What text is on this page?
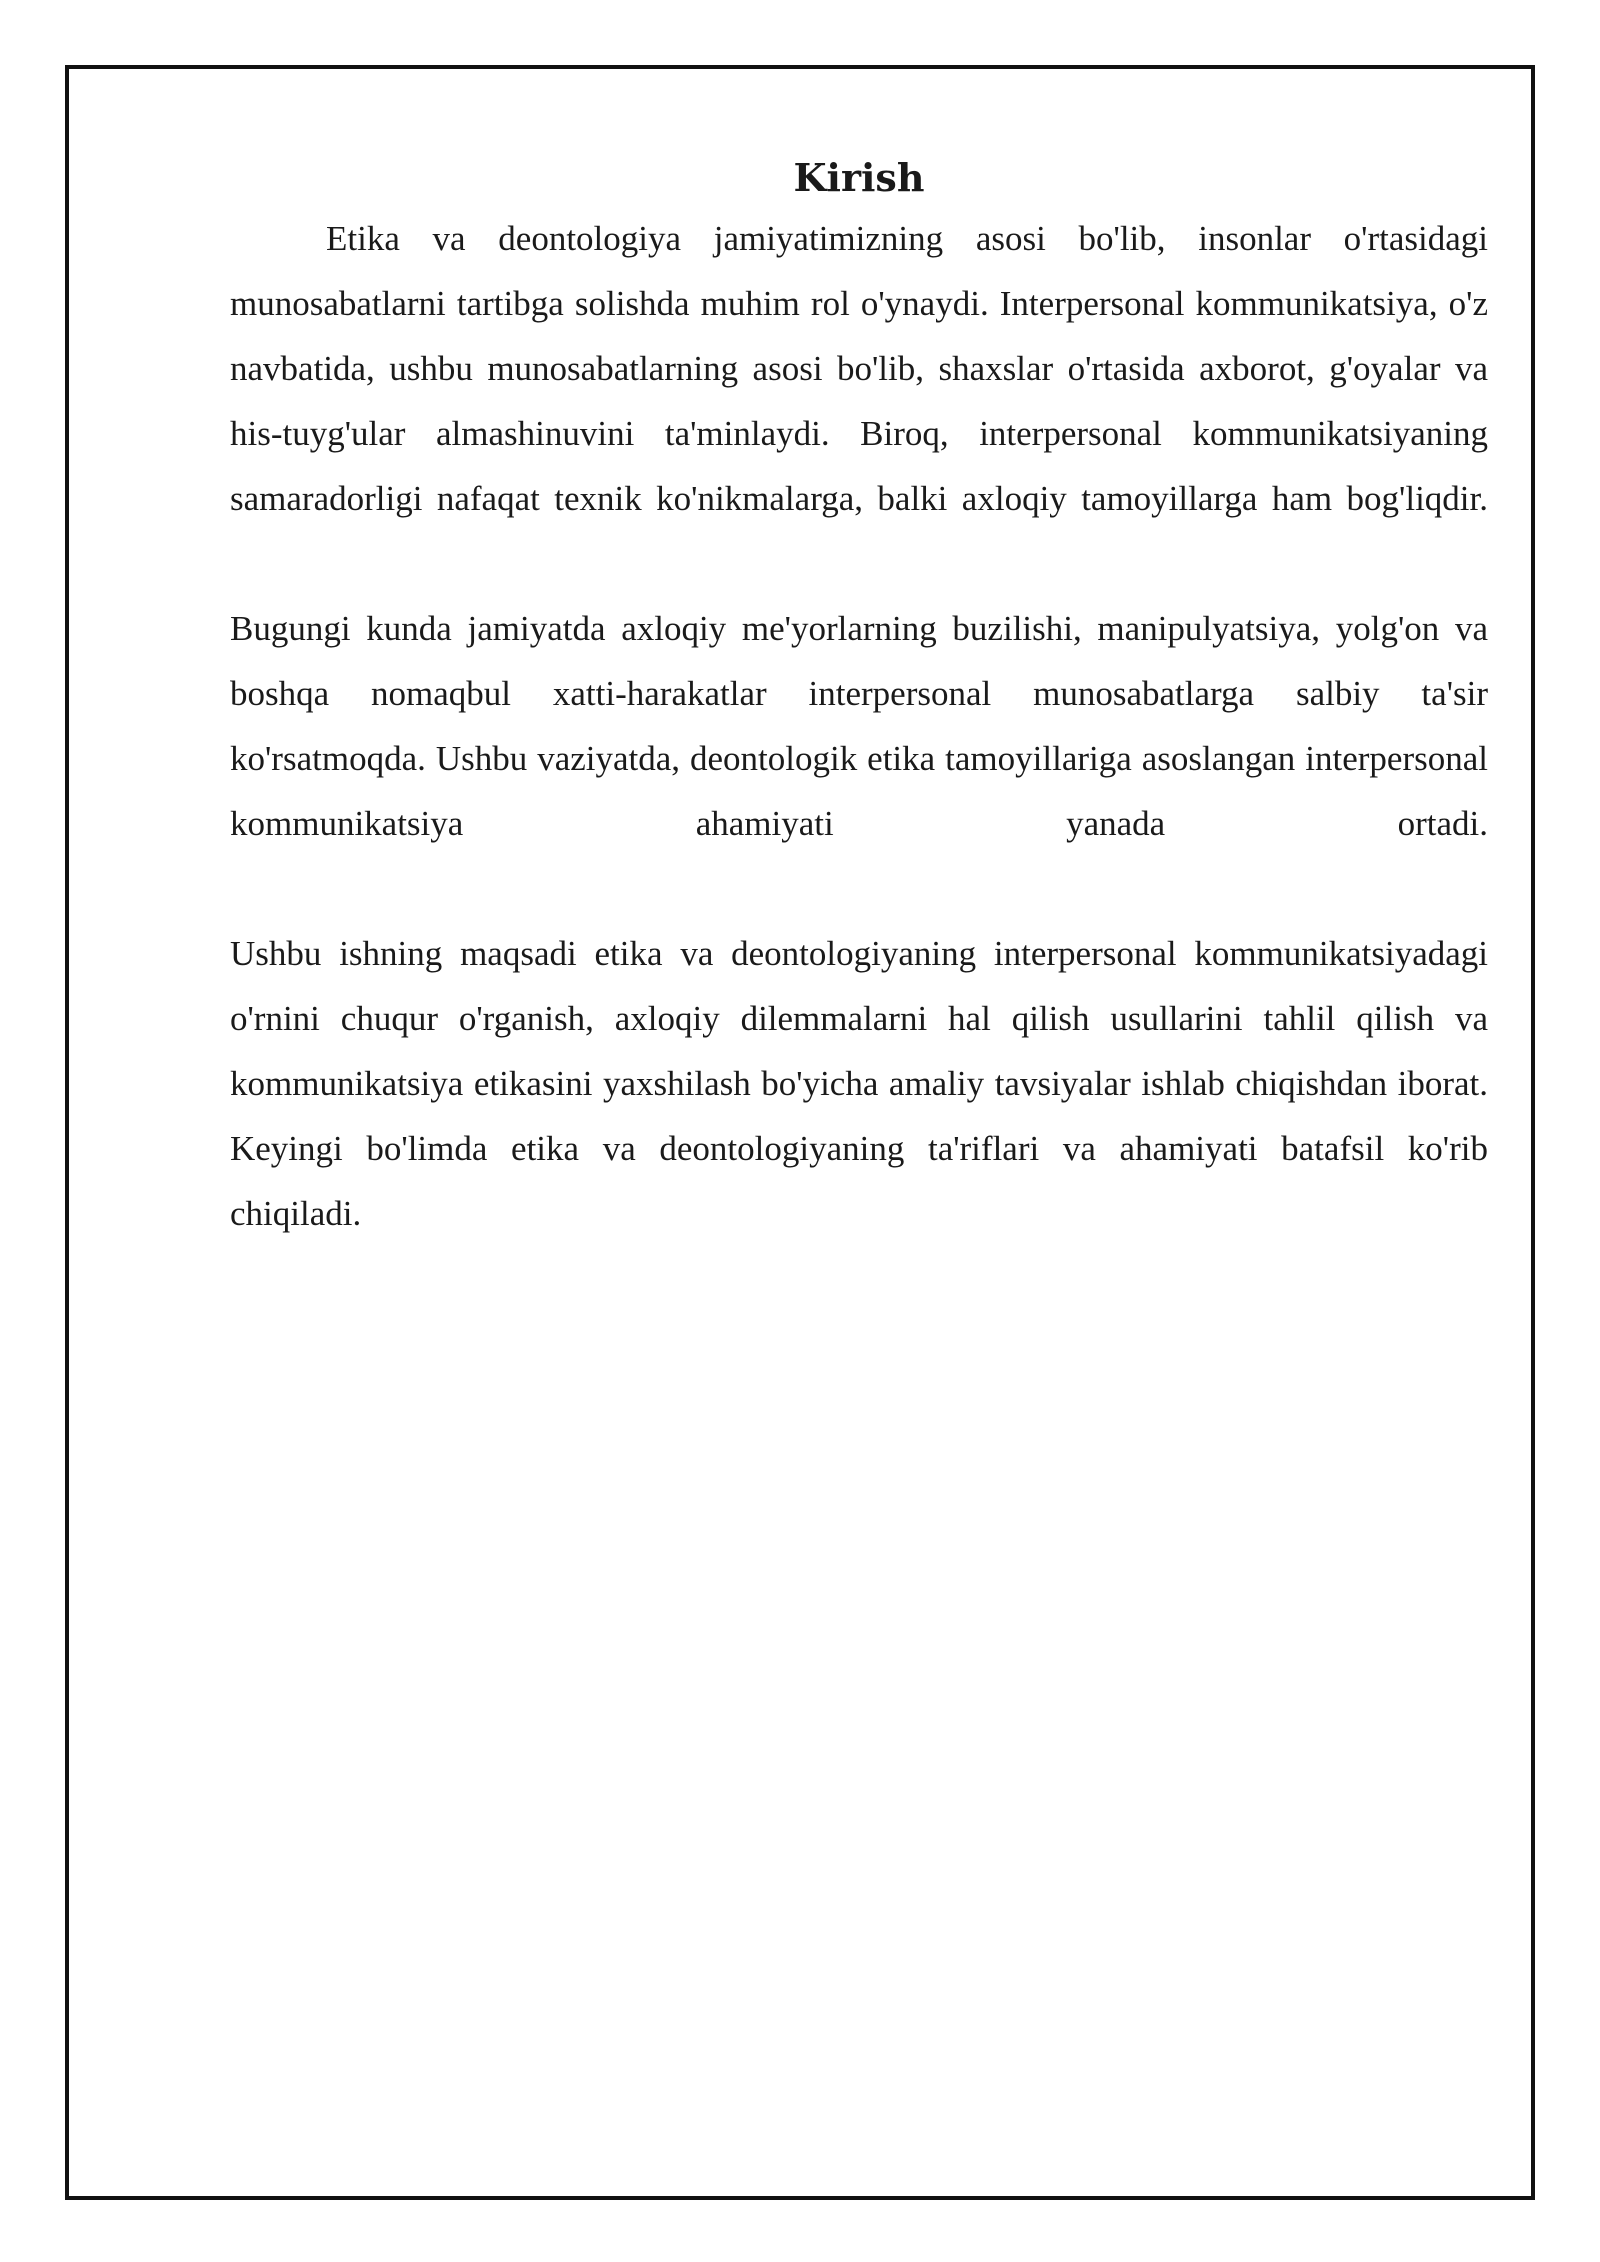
Kirish

Etika va deontologiya jamiyatimizning asosi bo'lib, insonlar o'rtasidagi munosabatlarni tartibga solishda muhim rol o'ynaydi. Interpersonal kommunikatsiya, o'z navbatida, ushbu munosabatlarning asosi bo'lib, shaxslar o'rtasida axborot, g'oyalar va his-tuyg'ular almashinuvini ta'minlaydi. Biroq, interpersonal kommunikatsiyaning samaradorligi nafaqat texnik ko'nikmalarga, balki axloqiy tamoyillarga ham bog'liqdir.

Bugungi kunda jamiyatda axloqiy me'yorlarning buzilishi, manipulyatsiya, yolg'on va boshqa nomaqbul xatti-harakatlar interpersonal munosabatlarga salbiy ta'sir ko'rsatmoqda. Ushbu vaziyatda, deontologik etika tamoyillariga asoslangan interpersonal kommunikatsiya ahamiyati yanada ortadi.

Ushbu ishning maqsadi etika va deontologiyaning interpersonal kommunikatsiyadagi o'rnini chuqur o'rganish, axloqiy dilemmalarni hal qilish usullarini tahlil qilish va kommunikatsiya etikasini yaxshilash bo'yicha amaliy tavsiyalar ishlab chiqishdan iborat. Keyingi bo'limda etika va deontologiyaning ta'riflari va ahamiyati batafsil ko'rib chiqiladi.
